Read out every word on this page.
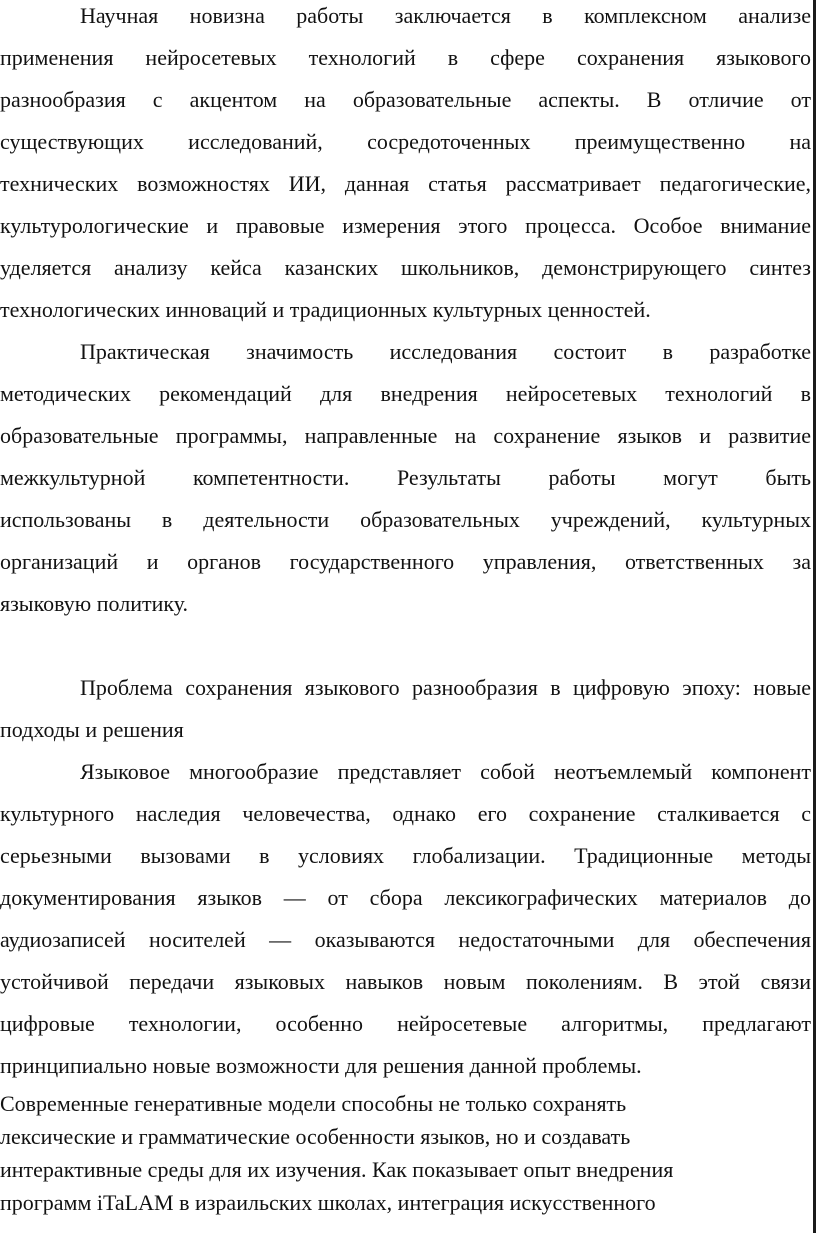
Научная новизна работы заключается в комплексном анализе
применения нейросетевых технологий в сфере сохранения языкового
разнообразия с акцентом на образовательные аспекты. В отличие от
существующих исследований, сосредоточенных преимущественно на
технических возможностях ИИ, данная статья рассматривает педагогические,
культурологические и правовые измерения этого процесса. Особое внимание
уделяется анализу кейса казанских школьников, демонстрирующего синтез
технологических инноваций и традиционных культурных ценностей.
Практическая значимость исследования состоит в разработке
методических рекомендаций для внедрения нейросетевых технологий в
образовательные программы, направленные на сохранение языков и развитие
межкультурной компетентности. Результаты работы могут быть
использованы в деятельности образовательных учреждений, культурных
организаций и органов государственного управления, ответственных за
языковую политику.
Проблема сохранения языкового разнообразия в цифровую эпоху: новые
подходы и решения
Языковое многообразие представляет собой неотъемлемый компонент
культурного наследия человечества, однако его сохранение сталкивается с
серьезными вызовами в условиях глобализации. Традиционные методы
документирования языков — от сбора лексикографических материалов до
аудиозаписей носителей — оказываются недостаточными для обеспечения
устойчивой передачи языковых навыков новым поколениям. В этой связи
цифровые технологии, особенно нейросетевые алгоритмы, предлагают
принципиально новые возможности для решения данной проблемы.
Современные генеративные модели способны не только сохранять
лексические и грамматические особенности языков, но и создавать
интерактивные среды для их изучения. Как показывает опыт внедрения
программ iTaLAM в израильских школах, интеграция искусственного
